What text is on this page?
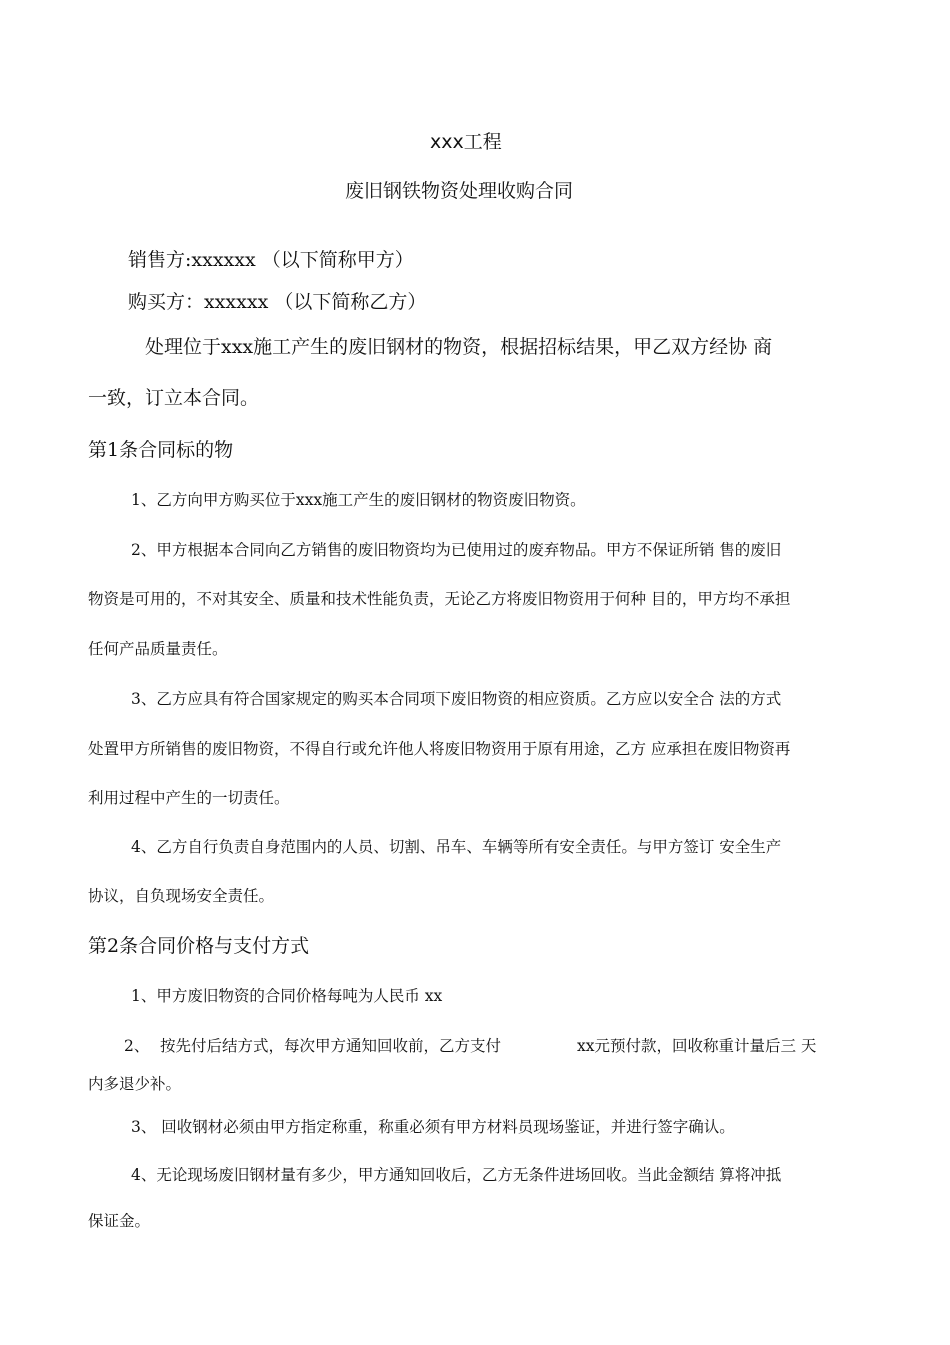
xxx工程
废旧钢铁物资处理收购合同
销售方:xxxxxx （以下简称甲方）
购买方：xxxxxx （以下简称乙方）
处理位于xxx施工产生的废旧钢材的物资，根据招标结果，甲乙双方经协 商
一致，订立本合同。
第1条合同标的物
1、乙方向甲方购买位于xxx施工产生的废旧钢材的物资废旧物资。
2、甲方根据本合同向乙方销售的废旧物资均为已使用过的废弃物品。甲方不保证所销 售的废旧
物资是可用的，不对其安全、质量和技术性能负责，无论乙方将废旧物资用于何种 目的，甲方均不承担
任何产品质量责任。
3、乙方应具有符合国家规定的购买本合同项下废旧物资的相应资质。乙方应以安全合 法的方式
处置甲方所销售的废旧物资，不得自行或允许他人将废旧物资用于原有用途，乙方 应承担在废旧物资再
利用过程中产生的一切责任。
4、乙方自行负责自身范围内的人员、切割、吊车、车辆等所有安全责任。与甲方签订 安全生产
协议，自负现场安全责任。
第2条合同价格与支付方式
1、甲方废旧物资的合同价格每吨为人民币 xx
2、 按先付后结方式，每次甲方通知回收前，乙方支付	xx元预付款，回收称重计量后三 天
内多退少补。
3、 回收钢材必须由甲方指定称重，称重必须有甲方材料员现场鉴证，并进行签字确认。
4、无论现场废旧钢材量有多少，甲方通知回收后，乙方无条件进场回收。当此金额结 算将冲抵
保证金。
